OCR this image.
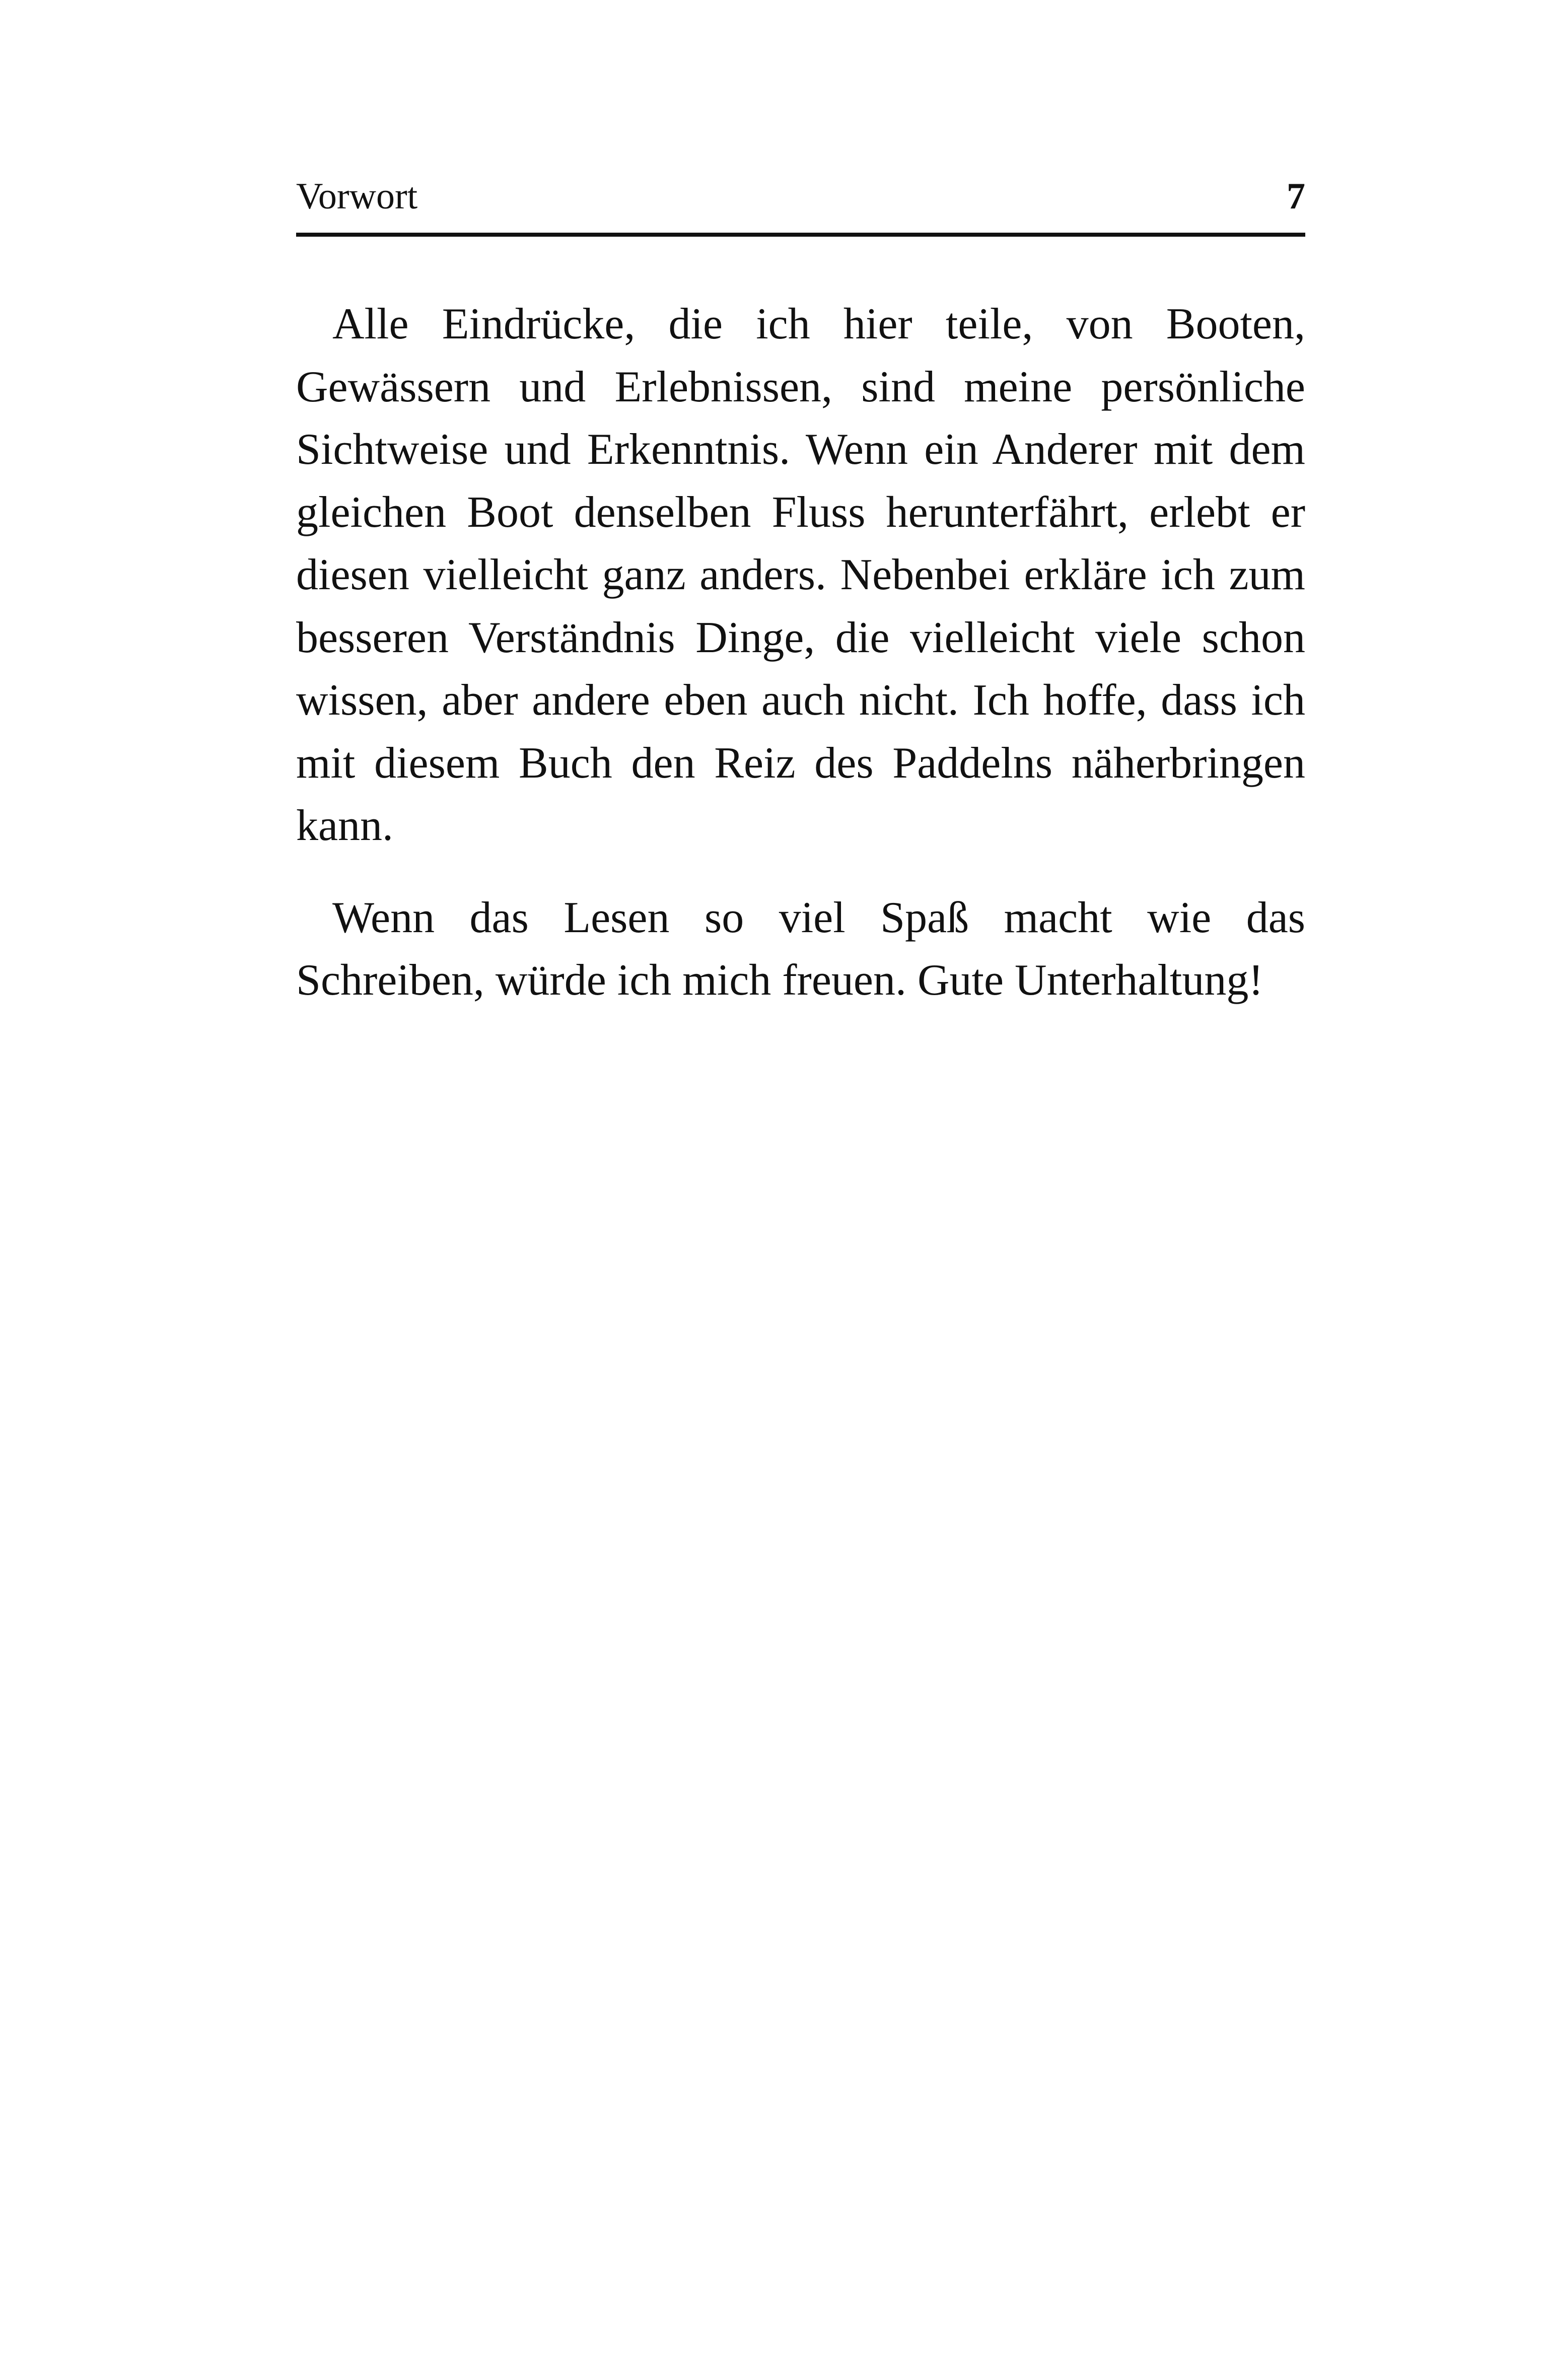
Vorwort	7

Alle Eindrücke, die ich hier teile, von Booten, Gewässern und Erlebnissen, sind meine persönliche Sichtweise und Erkenntnis. Wenn ein Anderer mit dem gleichen Boot denselben Fluss herunterfährt, erlebt er diesen vielleicht ganz anders. Nebenbei erkläre ich zum besseren Verständnis Dinge, die vielleicht viele schon wissen, aber andere eben auch nicht. Ich hoffe, dass ich mit diesem Buch den Reiz des Paddelns näherbringen kann.

Wenn das Lesen so viel Spaß macht wie das Schreiben, würde ich mich freuen. Gute Unterhaltung!
